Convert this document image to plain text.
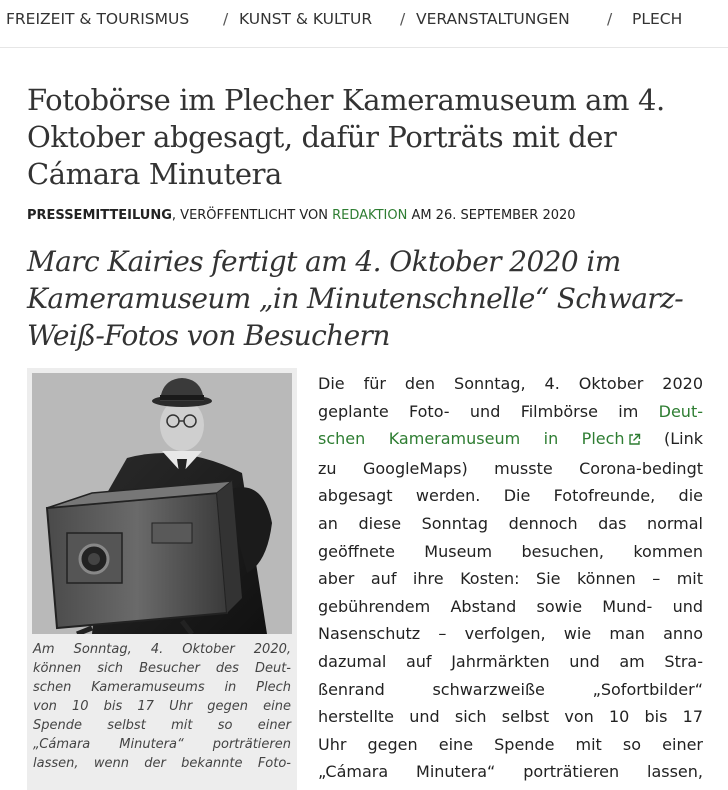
FREIZEIT & TOURISMUS / KUNST & KULTUR / VERANSTALTUNGEN / PLECH
Fotobörse im Plecher Kameramuseum am 4.
Oktober abgesagt, dafür Porträts mit der
Cámara Minutera
PRESSEMITTEILUNG, VERÖFFENTLICHT VON REDAKTION AM 26. SEPTEMBER 2020
Marc Kairies fertigt am 4. Oktober 2020 im
Kameramuseum „in Minutenschnelle“ Schwarz-
Weiß-Fotos von Besuchern
Am Sonntag, 4. Oktober 2020,
können sich Besucher des Deut-
schen Kameramuseums in Plech
von 10 bis 17 Uhr gegen eine
Spende selbst mit so einer
„Cámara Minutera“ porträtieren
lassen, wenn der bekannte Foto-
Die für den Sonntag, 4. Oktober 2020
geplante Foto- und Filmbörse im Deut-
schen Kameramuseum in Plech (Link
zu GoogleMaps) musste Corona-bedingt
abgesagt werden. Die Fotofreunde, die
an diese Sonntag dennoch das normal
geöffnete Museum besuchen, kommen
aber auf ihre Kosten: Sie können – mit
gebührendem Abstand sowie Mund- und
Nasenschutz – verfolgen, wie man anno
dazumal auf Jahrmärkten und am Stra-
ßenrand schwarzweiße „Sofortbilder“
herstellte und sich selbst von 10 bis 17
Uhr gegen eine Spende mit so einer
„Cámara Minutera“ porträtieren lassen,
